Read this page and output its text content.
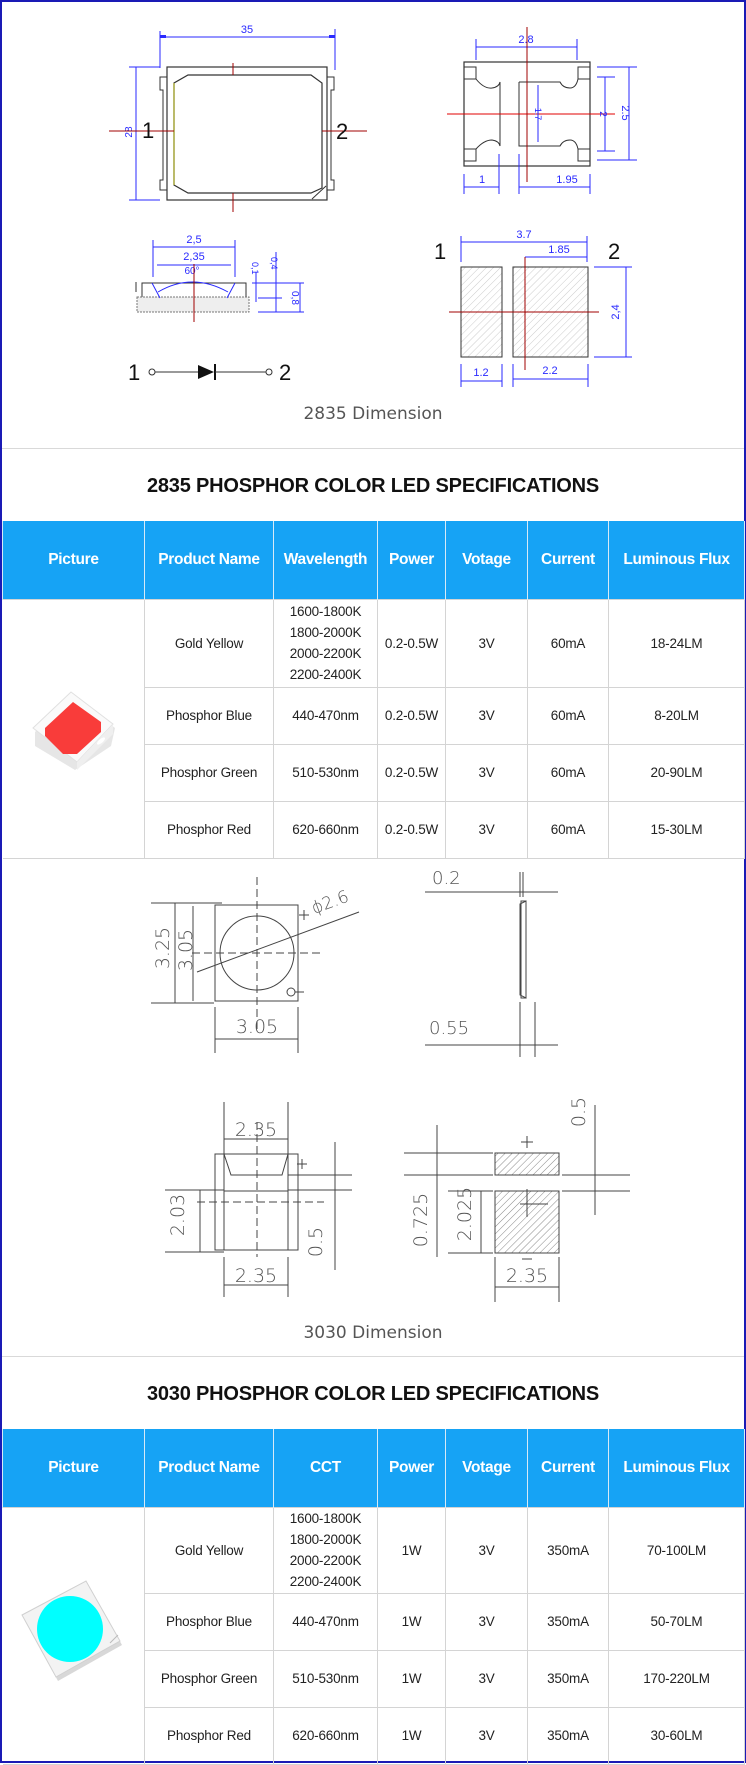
35
28 1	2
2.8
1.7	2 2.5
1	1.95
2,5
2,35
60°	0,1 0,4
0,8
1	2
1	2
3.7
1.85
2,4
1.2	2.2
2835 Dimension
2835 PHOSPHOR COLOR LED SPECIFICATIONS
Picture	Product Name	Wavelength	Power	Votage	Current	Luminous Flux
	Gold Yellow	1600-1800K
1800-2000K
2000-2200K
2200-2400K	0.2-0.5W	3V	60mA	18-24LM
	Phosphor Blue	440-470nm	0.2-0.5W	3V	60mA	8-20LM
	Phosphor Green	510-530nm	0.2-0.5W	3V	60mA	20-90LM
	Phosphor Red	620-660nm	0.2-0.5W	3V	60mA	15-30LM
3.25 3.05
3.05
ϕ2.6
0.2
0.55
2.35
2.35
2.03
0.5	0.725 2.025
0.5
2.35
3030 Dimension
3030 PHOSPHOR COLOR LED SPECIFICATIONS
Picture	Product Name	CCT	Power	Votage	Current	Luminous Flux
	Gold Yellow	1600-1800K
1800-2000K
2000-2200K
2200-2400K	1W	3V	350mA	70-100LM
	Phosphor Blue	440-470nm	1W	3V	350mA	50-70LM
	Phosphor Green	510-530nm	1W	3V	350mA	170-220LM
	Phosphor Red	620-660nm	1W	3V	350mA	30-60LM
